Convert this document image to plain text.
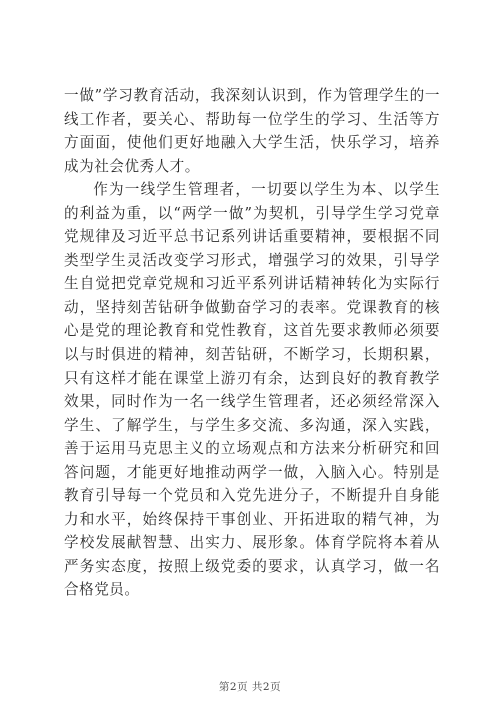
一做”学习教育活动，我深刻认识到，作为管理学生的一线工作者，要关心、帮助每一位学生的学习、生活等方方面面，使他们更好地融入大学生活，快乐学习，培养成为社会优秀人才。

作为一线学生管理者，一切要以学生为本、以学生的利益为重，以“两学一做”为契机，引导学生学习党章党规律及习近平总书记系列讲话重要精神，要根据不同类型学生灵活改变学习形式，增强学习的效果，引导学生自觉把党章党规和习近平系列讲话精神转化为实际行动，坚持刻苦钻研争做勤奋学习的表率。党课教育的核心是党的理论教育和党性教育，这首先要求教师必须要以与时俱进的精神，刻苦钻研，不断学习，长期积累，只有这样才能在课堂上游刃有余，达到良好的教育教学效果，同时作为一名一线学生管理者，还必须经常深入学生、了解学生，与学生多交流、多沟通，深入实践，善于运用马克思主义的立场观点和方法来分析研究和回答问题，才能更好地推动两学一做，入脑入心。特别是教育引导每一个党员和入党先进分子，不断提升自身能力和水平，始终保持干事创业、开拓进取的精气神，为学校发展献智慧、出实力、展形象。体育学院将本着从严务实态度，按照上级党委的要求，认真学习，做一名合格党员。

第2页 共2页
